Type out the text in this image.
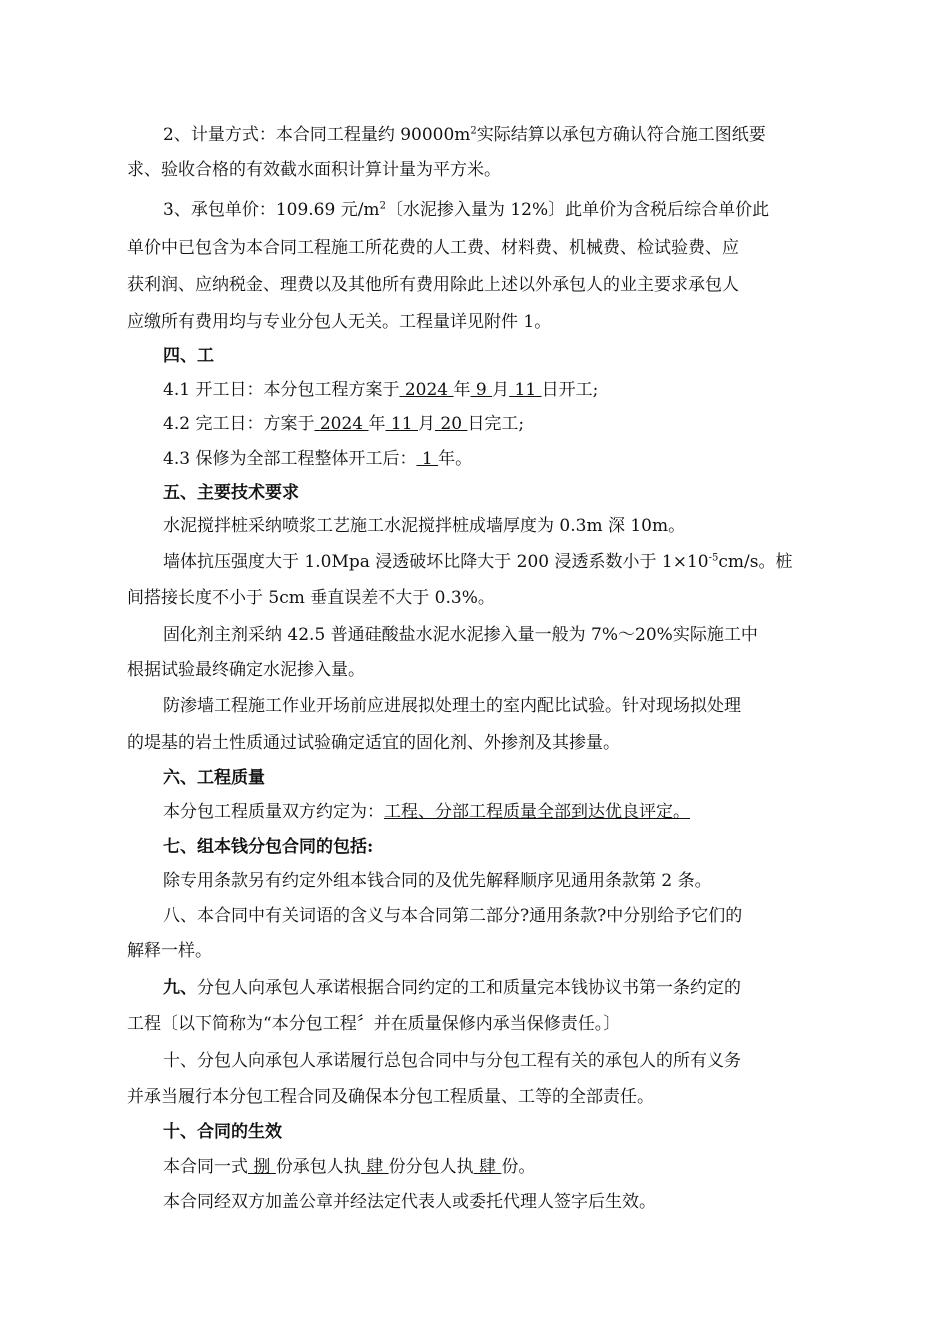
2、计量方式：本合同工程量约 $90000m^2$实际结算以承包方确认符合施工图纸要
求、验收合格的有效截水面积计算计量为平方米。
3、承包单价：109.69 元$/m^2$〔水泥掺入量为 12%〕此单价为含税后综合单价此
单价中已包含为本合同工程施工所花费的人工费、材料费、机械费、检试验费、应
获利润、应纳税金、理费以及其他所有费用除此上述以外承包人的业主要求承包人
应缴所有费用均与专业分包人无关。工程量详见附件 1。
四、工
4.1 开工日：本分包工程方案于 2024 年 9 月 11 日开工;
4.2 完工日：方案于 2024 年 11 月 20 日完工;
4.3 保修为全部工程整体开工后： 1 年。
五、主要技术要求
水泥搅拌桩采纳喷浆工艺施工水泥搅拌桩成墙厚度为 0.3m 深 10m。
墙体抗压强度大于 1.0Mpa 浸透破坏比降大于 200 浸透系数小于 $1\times 10^{-5}cm/s$。桩
间搭接长度不小于 5cm 垂直误差不大于 0.3%。
固化剂主剂采纳 42.5 普通硅酸盐水泥水泥掺入量一般为 7%～20%实际施工中
根据试验最终确定水泥掺入量。
防渗墙工程施工作业开场前应进展拟处理土的室内配比试验。针对现场拟处理
的堤基的岩土性质通过试验确定适宜的固化剂、外掺剂及其掺量。
六、工程质量
本分包工程质量双方约定为：工程、分部工程质量全部到达优良评定。
七、组本钱分包合同的包括:
除专用条款另有约定外组本钱合同的及优先解释顺序见通用条款第 2 条。
八、本合同中有关词语的含义与本合同第二部分?通用条款?中分别给予它们的
解释一样。
九、分包人向承包人承诺根据合同约定的工和质量完本钱协议书第一条约定的
工程〔以下简称为“本分包工程〞并在质量保修内承当保修责任。〕
十、分包人向承包人承诺履行总包合同中与分包工程有关的承包人的所有义务
并承当履行本分包工程合同及确保本分包工程质量、工等的全部责任。
十、合同的生效
本合同一式 捌 份承包人执 肆 份分包人执 肆 份。
本合同经双方加盖公章并经法定代表人或委托代理人签字后生效。
